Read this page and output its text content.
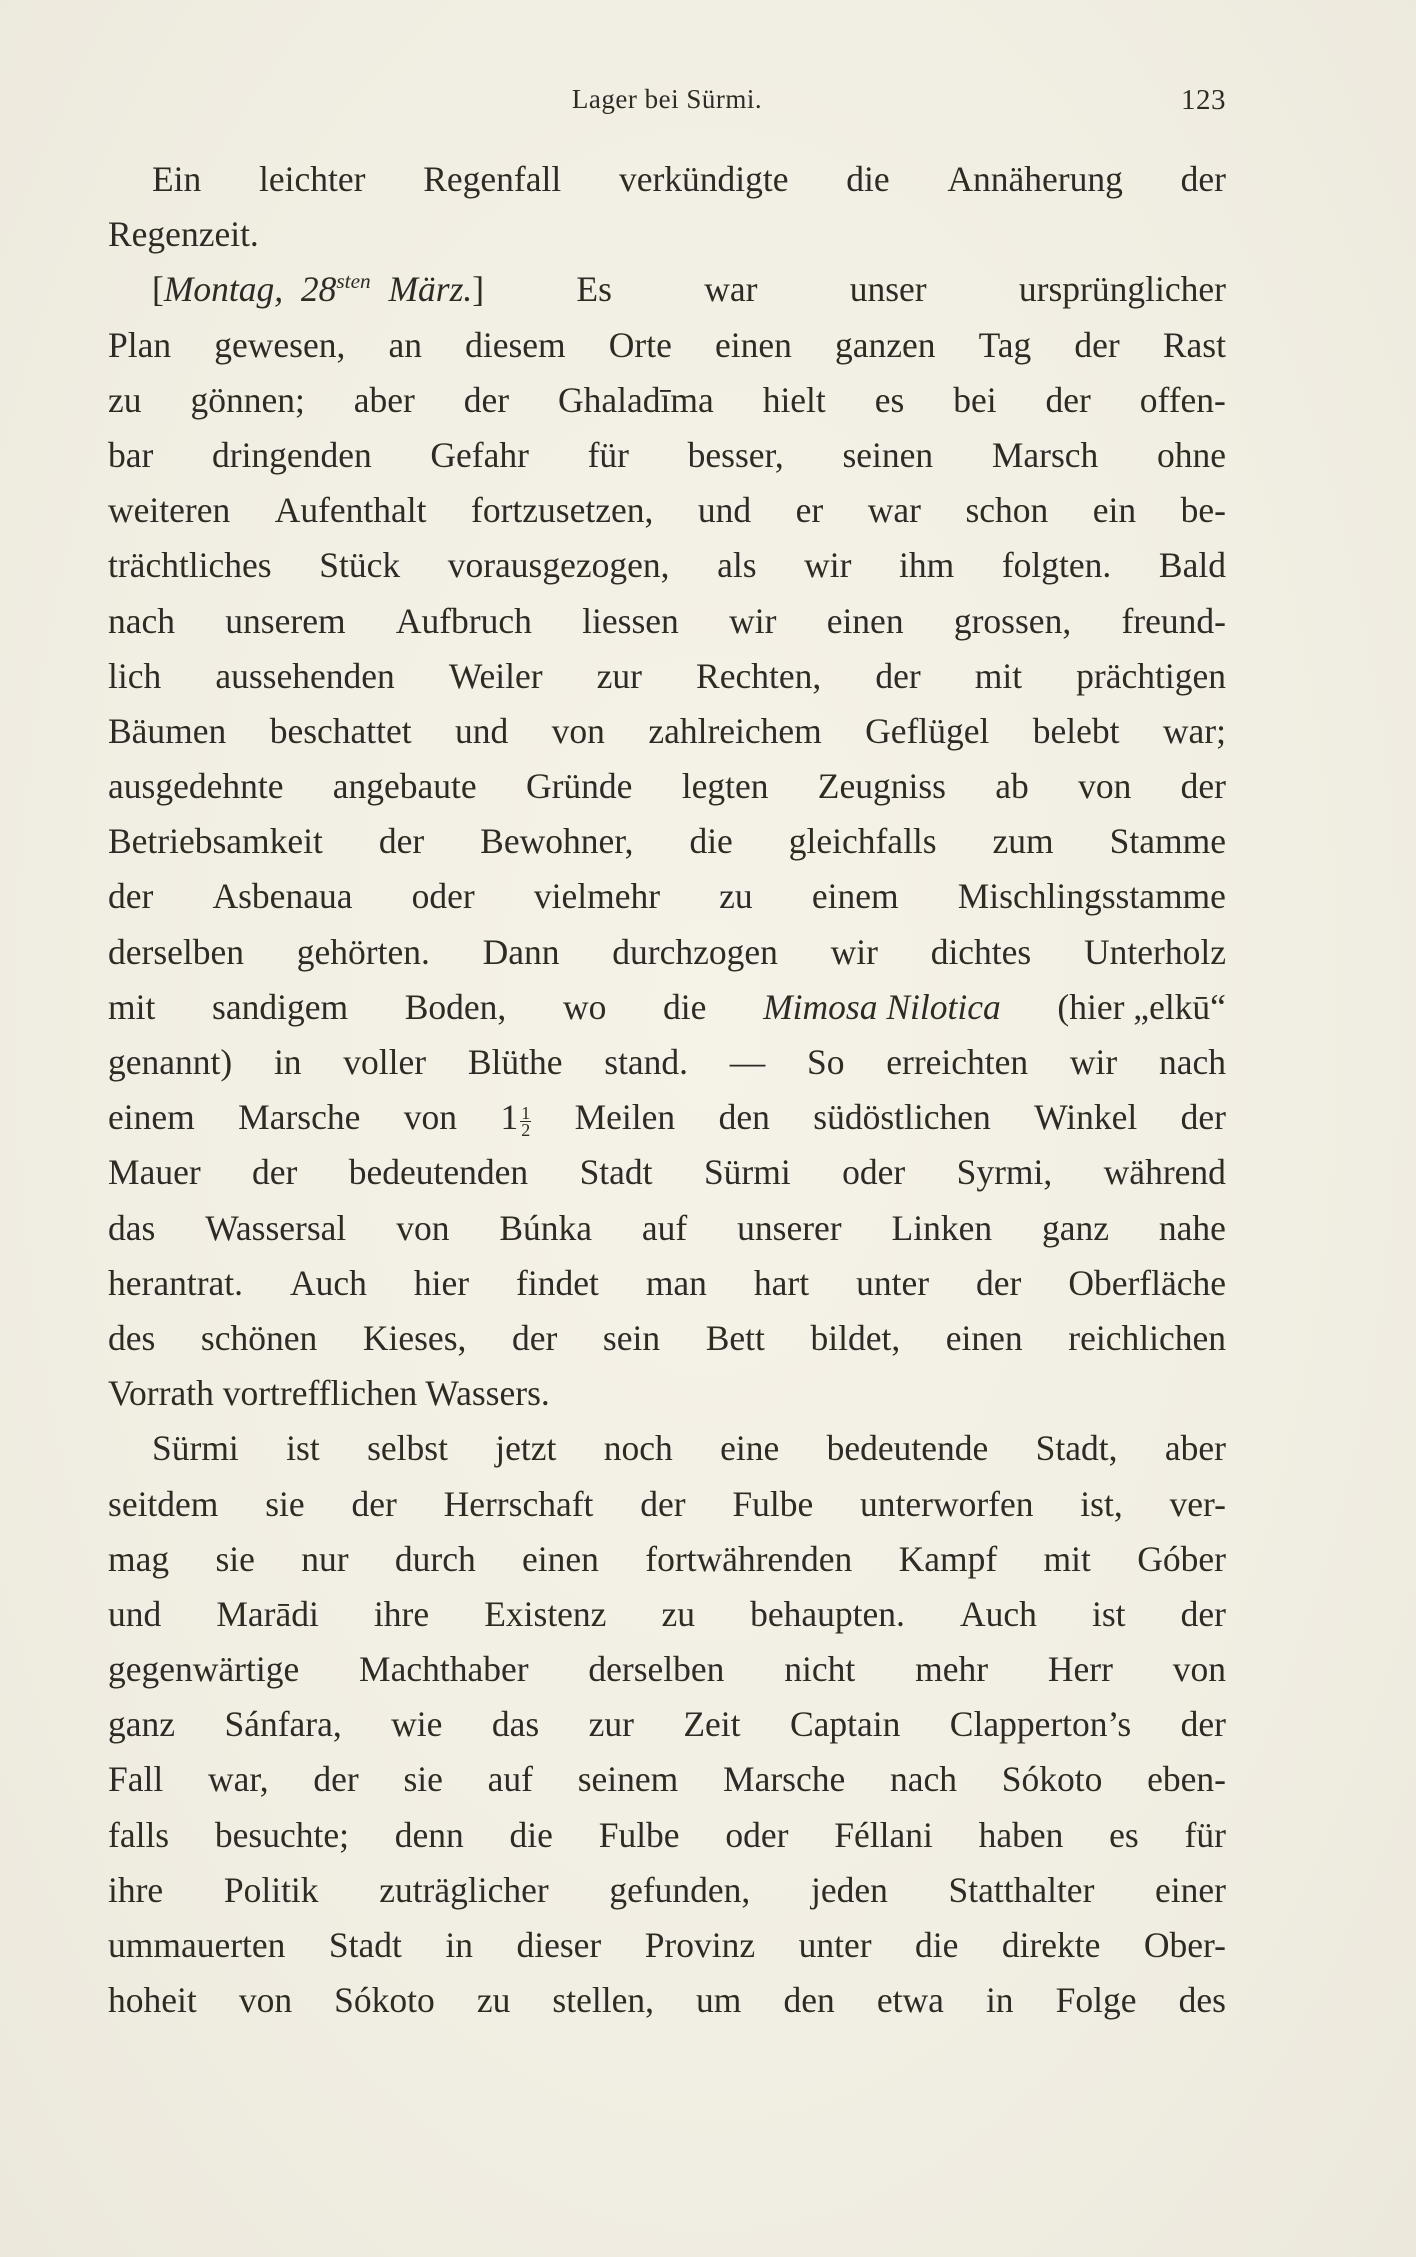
Lager bei Sürmi.	123
Ein leichter Regenfall verkündigte die Annäherung der
Regenzeit.
[Montag,  $28^{sten}$  März.]	Es	war	unser	ursprünglicher
Plan gewesen, an diesem Orte einen ganzen Tag der Rast
zu gönnen; aber der Ghaladīma hielt es bei der offen-
bar dringenden Gefahr für besser, seinen Marsch ohne
weiteren Aufenthalt fortzusetzen, und er war schon ein be-
trächtliches Stück vorausgezogen, als wir ihm folgten. Bald
nach unserem Aufbruch liessen wir einen grossen, freund-
lich aussehenden Weiler zur Rechten, der mit prächtigen
Bäumen beschattet und von zahlreichem Geflügel belebt war;
ausgedehnte angebaute Gründe legten Zeugniss ab von der
Betriebsamkeit der Bewohner, die gleichfalls zum Stamme
der Asbenaua oder vielmehr zu einem Mischlingsstamme
derselben gehörten. Dann durchzogen wir dichtes Unterholz
mit sandigem Boden, wo die Mimosa Nilotica (hier „elkū“
genannt) in voller Blüthe stand. — So erreichten wir nach
einem Marsche von $1 \frac{1}{2}$ Meilen den südöstlichen Winkel der
Mauer der bedeutenden Stadt Sürmi oder Syrmi, während
das Wassersal von Búnka auf unserer Linken ganz nahe
herantrat. Auch hier findet man hart unter der Oberfläche
des schönen Kieses, der sein Bett bildet, einen reichlichen
Vorrath vortrefflichen Wassers.
Sürmi ist selbst jetzt noch eine bedeutende Stadt, aber
seitdem sie der Herrschaft der Fulbe unterworfen ist, ver-
mag sie nur durch einen fortwährenden Kampf mit Góber
und Marādi ihre Existenz zu behaupten. Auch ist der
gegenwärtige Machthaber derselben nicht mehr Herr von
ganz Sánfara, wie das zur Zeit Captain Clapperton’s der
Fall war, der sie auf seinem Marsche nach Sókoto eben-
falls besuchte; denn die Fulbe oder Féllani haben es für
ihre Politik zuträglicher gefunden, jeden Statthalter einer
ummauerten Stadt in dieser Provinz unter die direkte Ober-
hoheit von Sókoto zu stellen, um den etwa in Folge des
